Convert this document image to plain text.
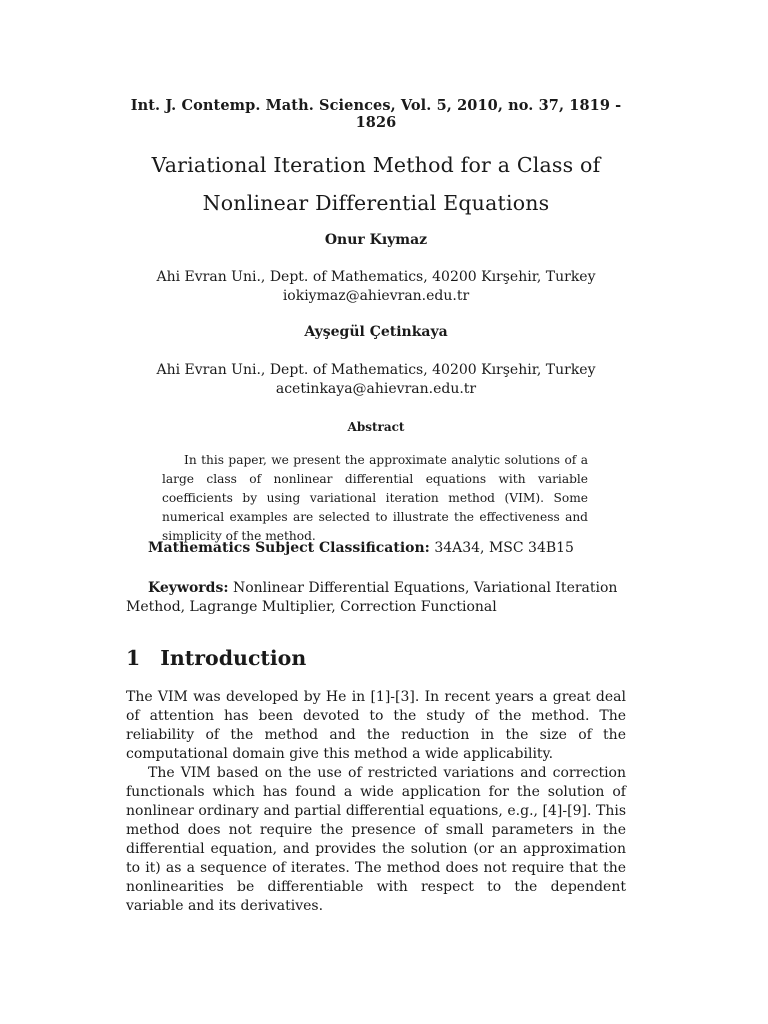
Int. J. Contemp. Math. Sciences, Vol. 5, 2010, no. 37, 1819 - 1826
Variational Iteration Method for a Class of
Nonlinear Differential Equations
Onur Kıymaz
Ahi Evran Uni., Dept. of Mathematics, 40200 Kırşehir, Turkey
iokiymaz@ahievran.edu.tr
Ayşegül Çetinkaya
Ahi Evran Uni., Dept. of Mathematics, 40200 Kırşehir, Turkey
acetinkaya@ahievran.edu.tr
Abstract
In this paper, we present the approximate analytic solutions of a large class of nonlinear differential equations with variable coefficients by using variational iteration method (VIM). Some numerical examples are selected to illustrate the effectiveness and simplicity of the method.
Mathematics Subject Classification: 34A34, MSC 34B15
Keywords: Nonlinear Differential Equations, Variational Iteration Method, Lagrange Multiplier, Correction Functional
1 Introduction

The VIM was developed by He in [1]-[3]. In recent years a great deal of attention has been devoted to the study of the method. The reliability of the method and the reduction in the size of the computational domain give this method a wide applicability.

The VIM based on the use of restricted variations and correction functionals which has found a wide application for the solution of nonlinear ordinary and partial differential equations, e.g., [4]-[9]. This method does not require the presence of small parameters in the differential equation, and provides the solution (or an approximation to it) as a sequence of iterates. The method does not require that the nonlinearities be differentiable with respect to the dependent variable and its derivatives.
